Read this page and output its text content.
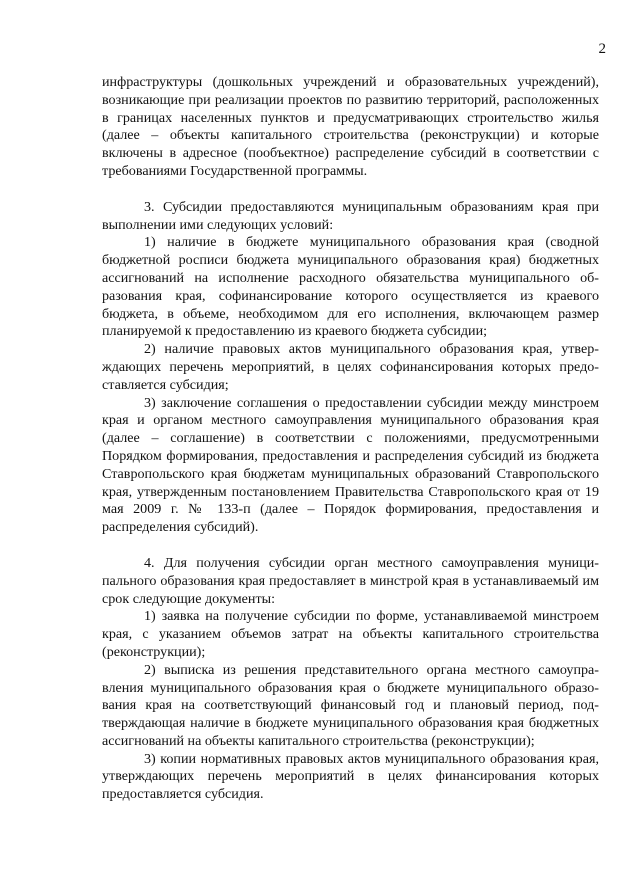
2

инфраструктуры (дошкольных учреждений и образовательных учреждений), возникающие при реализации проектов по развитию территорий, расположенных в границах населенных пунктов и предусматривающих строительство жилья (далее – объекты капитального строительства (реконструкции) и которые включены в адресное (пообъектное) распределение субсидий в соответствии с требованиями Государственной программы.

3. Субсидии предоставляются муниципальным образованиям края при выполнении ими следующих условий:

1) наличие в бюджете муниципального образования края (сводной бюджетной росписи бюджета муниципального образования края) бюджетных ассигнований на исполнение расходного обязательства муниципального образования края, софинансирование которого осуществляется из краевого бюджета, в объеме, необходимом для его исполнения, включающем размер планируемой к предоставлению из краевого бюджета субсидии;

2) наличие правовых актов муниципального образования края, утверждающих перечень мероприятий, в целях софинансирования которых предоставляется субсидия;

3) заключение соглашения о предоставлении субсидии между минстроем края и органом местного самоуправления муниципального образования края (далее – соглашение) в соответствии с положениями, предусмотренными Порядком формирования, предоставления и распределения субсидий из бюджета Ставропольского края бюджетам муниципальных образований Ставропольского края, утвержденным постановлением Правительства Ставропольского края от 19 мая 2009 г. № 133-п (далее – Порядок формирования, предоставления и распределения субсидий).

4. Для получения субсидии орган местного самоуправления муниципального образования края предоставляет в минстрой края в устанавливаемый им срок следующие документы:

1) заявка на получение субсидии по форме, устанавливаемой минстроем края, с указанием объемов затрат на объекты капитального строительства (реконструкции);

2) выписка из решения представительного органа местного самоуправления муниципального образования края о бюджете муниципального образования края на соответствующий финансовый год и плановый период, подтверждающая наличие в бюджете муниципального образования края бюджетных ассигнований на объекты капитального строительства (реконструкции);

3) копии нормативных правовых актов муниципального образования края, утверждающих перечень мероприятий в целях финансирования которых предоставляется субсидия.
